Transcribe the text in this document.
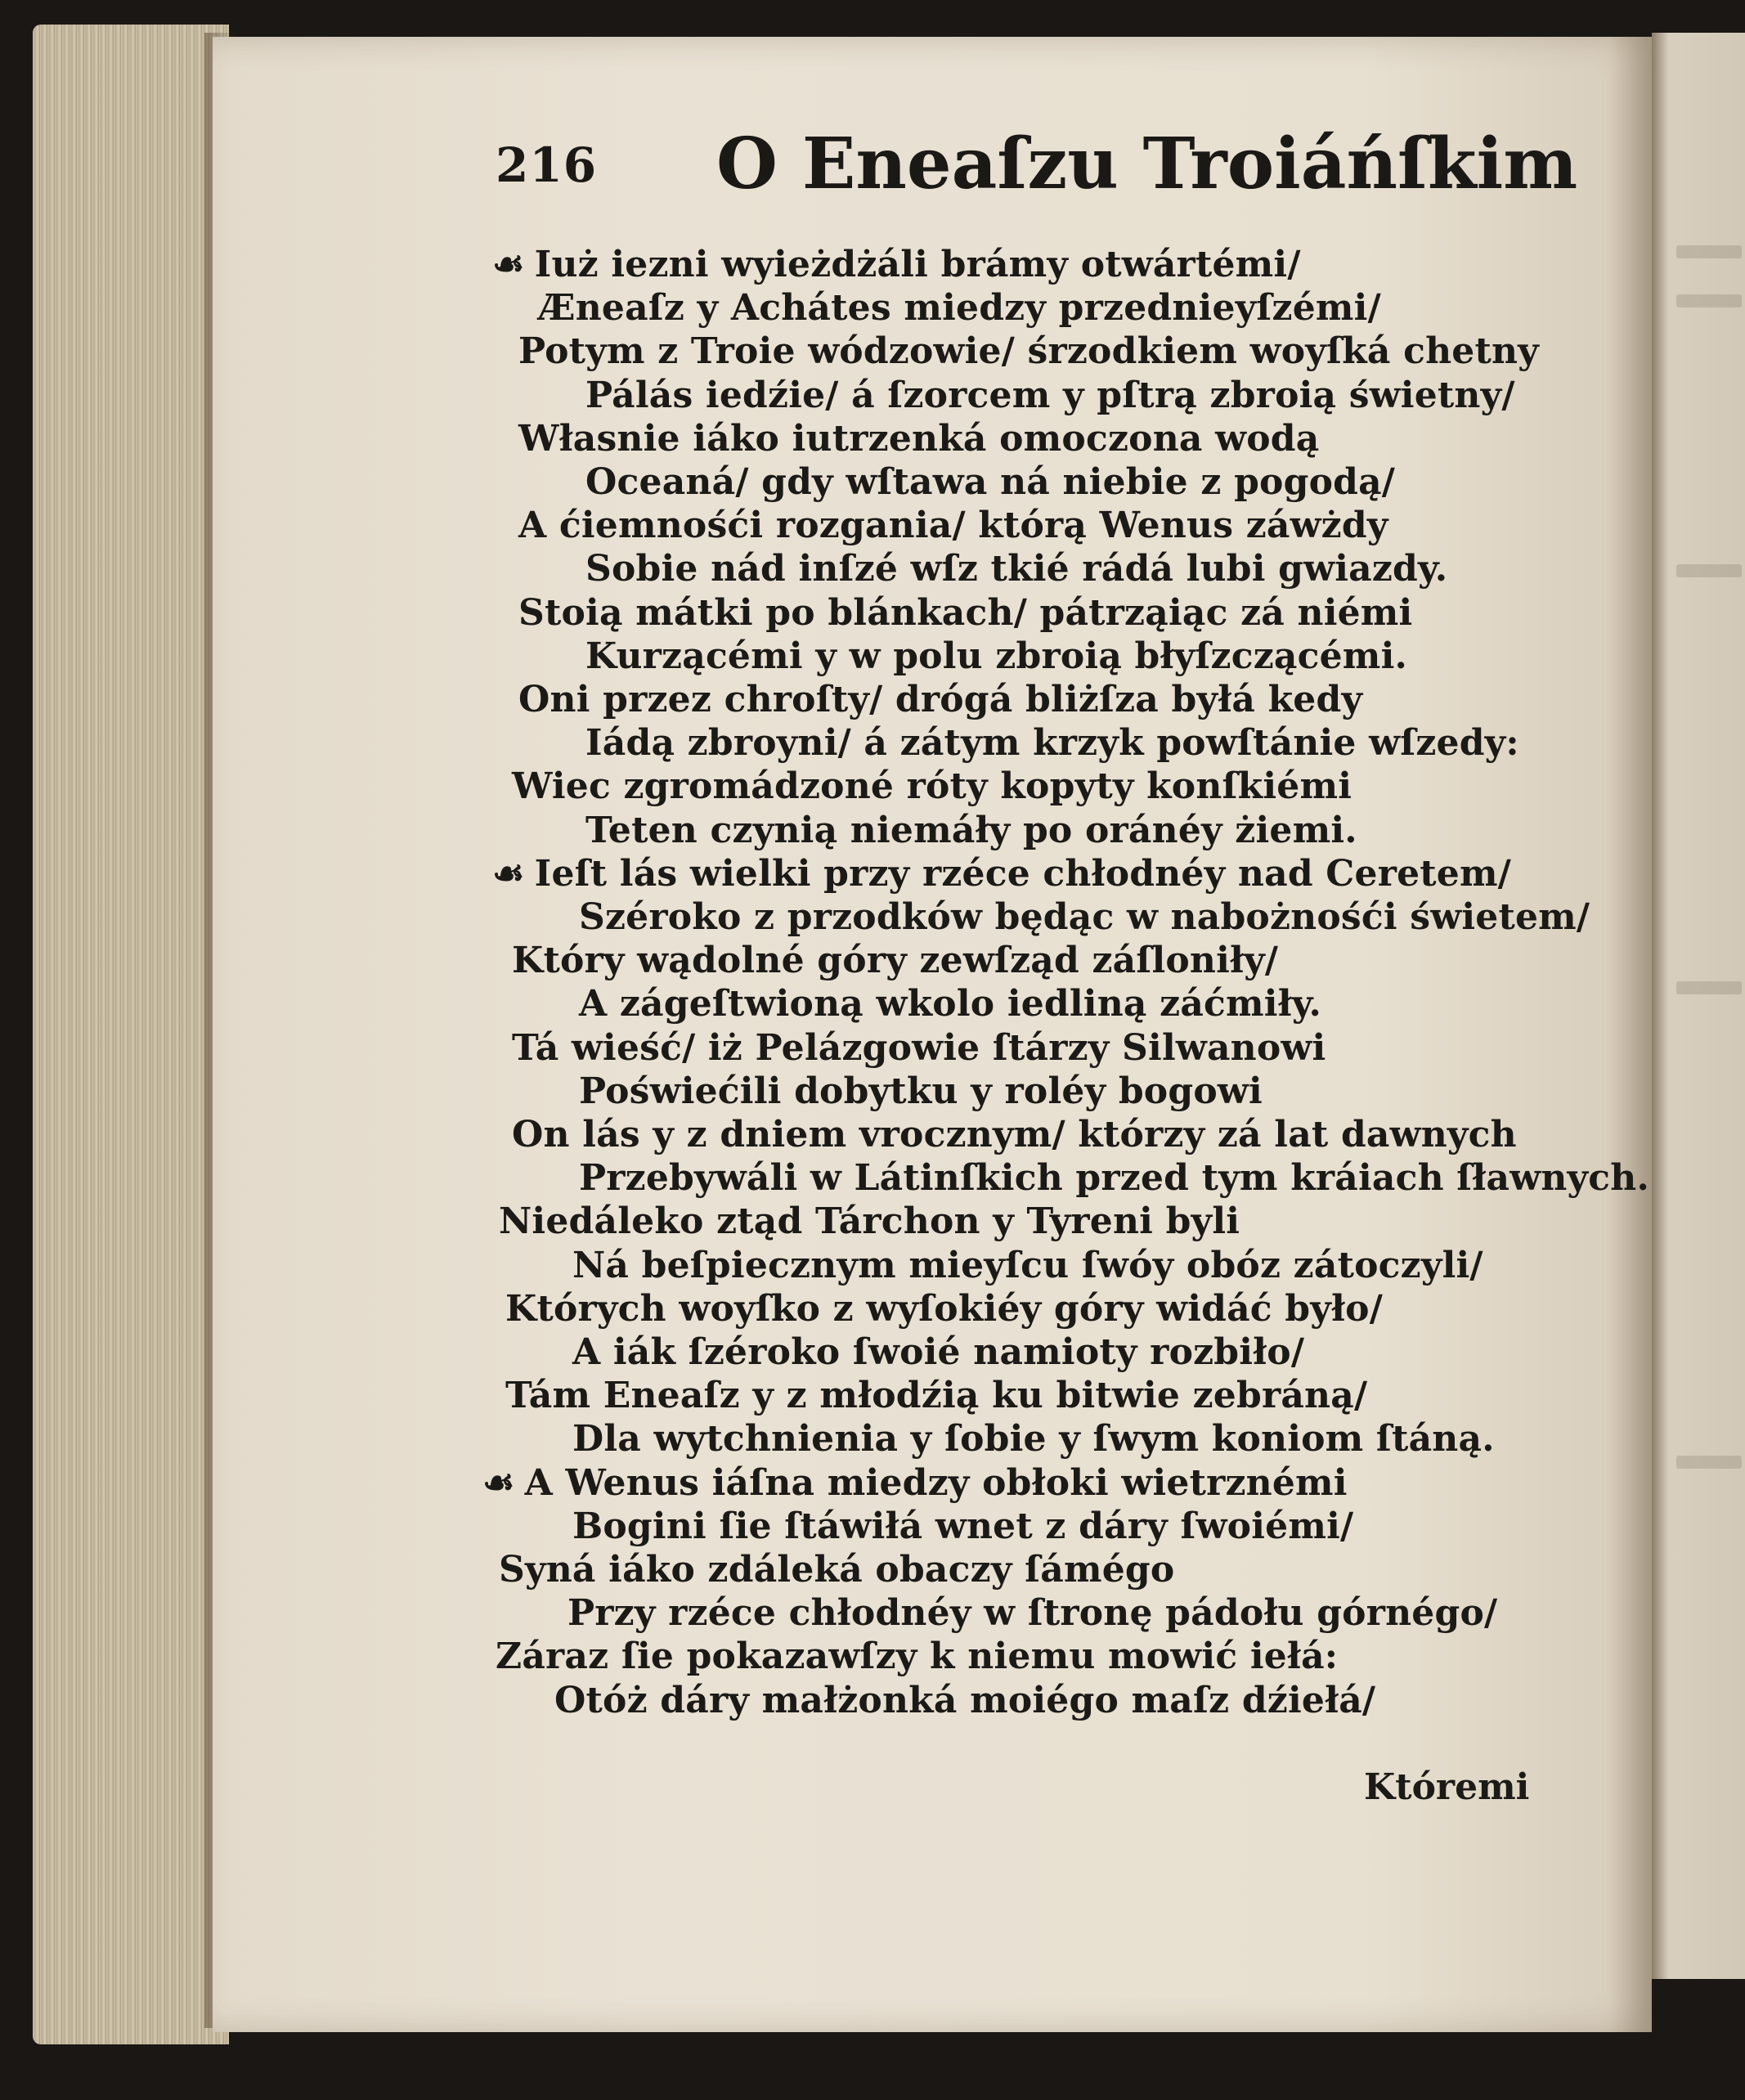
216 O Eneaſzu Troiáńſkim
☙ Iuż iezni wyieżdżáli brámy otwártémi/
Æneaſz y Achátes miedzy przednieyſzémi/
Potym z Troie wódzowie/ śrzodkiem woyſká chetny
Pálás iedźie/ á ſzorcem y pſtrą zbroią świetny/
Własnie iáko iutrzenká omoczona wodą
Oceaná/ gdy wſtawa ná niebie z pogodą/
A ćiemnośći rozgania/ którą Wenus záwżdy
Sobie nád inſzé wſz tkié rádá lubi gwiazdy.
Stoią mátki po blánkach/ pátrząiąc zá niémi
Kurzącémi y w polu zbroią błyſzczącémi.
Oni przez chroſty/ drógá bliżſza byłá kedy
Iádą zbroyni/ á zátym krzyk powſtánie wſzedy:
Wiec zgromádzoné róty kopyty konſkiémi
Teten czynią niemáły po oránéy żiemi.
☙ Ieſt lás wielki przy rzéce chłodnéy nad Ceretem/
Széroko z przodków będąc w nabożnośći świetem/
Który wądolné góry zewſząd záſloniły/
A zágeſtwioną wkolo iedliną záćmiły.
Tá wieść/ iż Pelázgowie ſtárzy Silwanowi
Poświećili dobytku y roléy bogowi
On lás y z dniem vrocznym/ którzy zá lat dawnych
Przebywáli w Látinſkich przed tym kráiach ſławnych.
Niedáleko ztąd Tárchon y Tyreni byli
Ná beſpiecznym mieyſcu ſwóy obóz zátoczyli/
Których woyſko z wyſokiéy góry widáć było/
A iák ſzéroko ſwoié namioty rozbiło/
Tám Eneaſz y z młodźią ku bitwie zebráną/
Dla wytchnienia y ſobie y ſwym koniom ſtáną.
☙ A Wenus iáſna miedzy obłoki wietrznémi
Bogini ſie ſtáwiłá wnet z dáry ſwoiémi/
Syná iáko zdáleká obaczy ſámégo
Przy rzéce chłodnéy w ſtronę pádołu górnégo/
Záraz ſie pokazawſzy k niemu mowić iełá:
Otóż dáry małżonká moiégo maſz dźiełá/
Któremi
